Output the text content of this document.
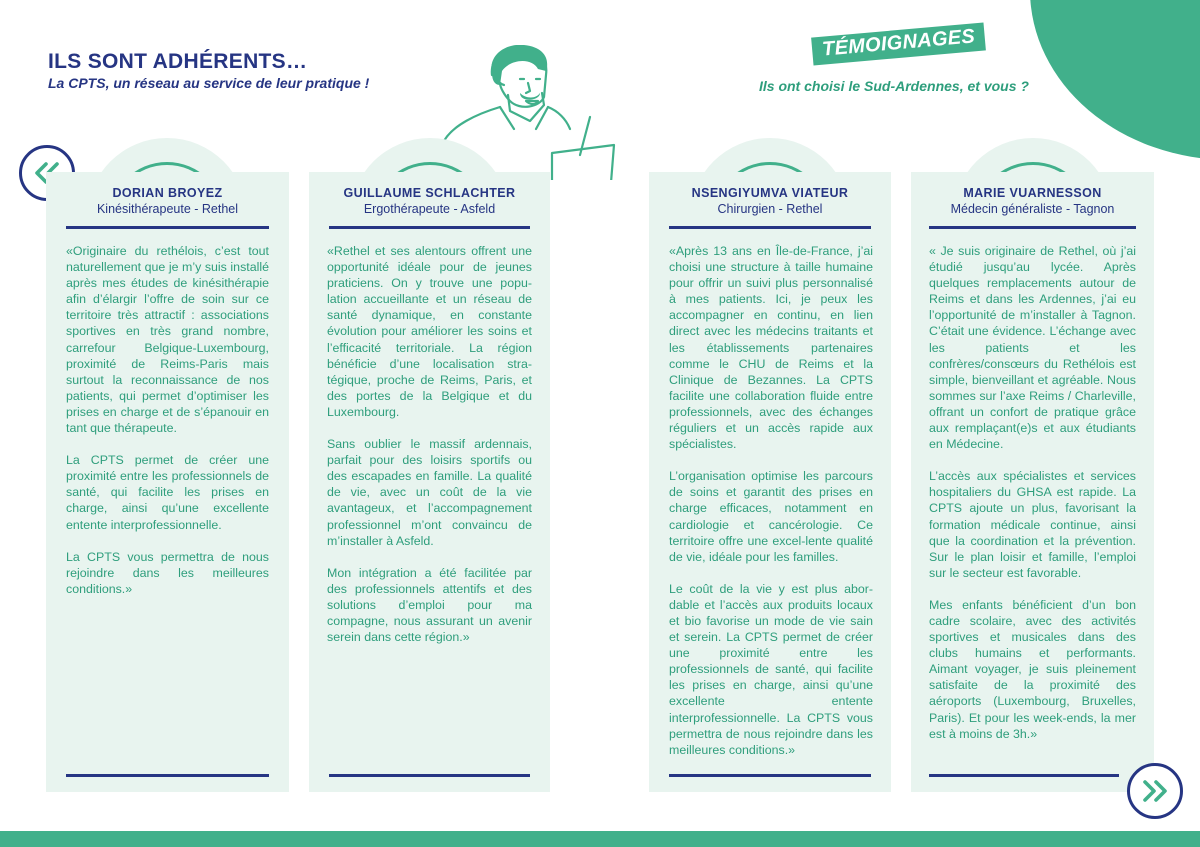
ILS SONT ADHÉRENTS…
La CPTS, un réseau au service de leur pratique !
TÉMOIGNAGES
Ils ont choisi le Sud-Ardennes, et vous ?
DORIAN BROYEZ
Kinésithérapeute - Rethel

«Originaire du rethélois, c’est tout naturellement que je m’y suis installé après mes études de kinésithérapie afin d’élargir l’offre de soin sur ce territoire très attractif : associations sportives en très grand nombre, carrefour Belgique-Luxembourg, proximité de Reims-Paris mais surtout la reconnaissance de nos patients, qui permet d’optimiser les prises en charge et de s’épanouir en tant que thérapeute.

La CPTS permet de créer une proximité entre les professionnels de santé, qui facilite les prises en charge, ainsi qu’une excellente entente interprofessionnelle.

La CPTS vous permettra de nous rejoindre dans les meilleures conditions.»

GUILLAUME SCHLACHTER
Ergothérapeute - Asfeld

«Rethel et ses alentours offrent une opportunité idéale pour de jeunes praticiens. On y trouve une popu-lation accueillante et un réseau de santé dynamique, en constante évolution pour améliorer les soins et l’efficacité territoriale. La région bénéficie d’une localisation stra-tégique, proche de Reims, Paris, et des portes de la Belgique et du Luxembourg.

Sans oublier le massif ardennais, parfait pour des loisirs sportifs ou des escapades en famille. La qualité de vie, avec un coût de la vie avantageux, et l’accompagnement professionnel m’ont convaincu de m’installer à Asfeld.

Mon intégration a été facilitée par des professionnels attentifs et des solutions d’emploi pour ma compagne, nous assurant un avenir serein dans cette région.»

NSENGIYUMVA VIATEUR
Chirurgien - Rethel

«Après 13 ans en Île-de-France, j’ai choisi une structure à taille humaine pour offrir un suivi plus personnalisé à mes patients. Ici, je peux les accompagner en continu, en lien direct avec les médecins traitants et les établissements partenaires comme le CHU de Reims et la Clinique de Bezannes. La CPTS facilite une collaboration fluide entre professionnels, avec des échanges réguliers et un accès rapide aux spécialistes.

L’organisation optimise les parcours de soins et garantit des prises en charge efficaces, notamment en cardiologie et cancérologie. Ce territoire offre une excel-lente qualité de vie, idéale pour les familles.

Le coût de la vie y est plus abor-dable et l’accès aux produits locaux et bio favorise un mode de vie sain et serein. La CPTS permet de créer une proximité entre les professionnels de santé, qui facilite les prises en charge, ainsi qu’une excellente entente interprofessionnelle. La CPTS vous permettra de nous rejoindre dans les meilleures conditions.»

MARIE VUARNESSON
Médecin généraliste - Tagnon

« Je suis originaire de Rethel, où j’ai étudié jusqu’au lycée. Après quelques remplacements autour de Reims et dans les Ardennes, j’ai eu l’opportunité de m’installer à Tagnon. C’était une évidence. L’échange avec les patients et les confrères/consœurs du Rethélois est simple, bienveillant et agréable. Nous sommes sur l’axe Reims / Charleville, offrant un confort de pratique grâce aux remplaçant(e)s et aux étudiants en Médecine.

L’accès aux spécialistes et services hospitaliers du GHSA est rapide. La CPTS ajoute un plus, favorisant la formation médicale continue, ainsi que la coordination et la prévention. Sur le plan loisir et famille, l’emploi sur le secteur est favorable.

Mes enfants bénéficient d’un bon cadre scolaire, avec des activités sportives et musicales dans des clubs humains et performants. Aimant voyager, je suis pleinement satisfaite de la proximité des aéroports (Luxembourg, Bruxelles, Paris). Et pour les week-ends, la mer est à moins de 3h.»
